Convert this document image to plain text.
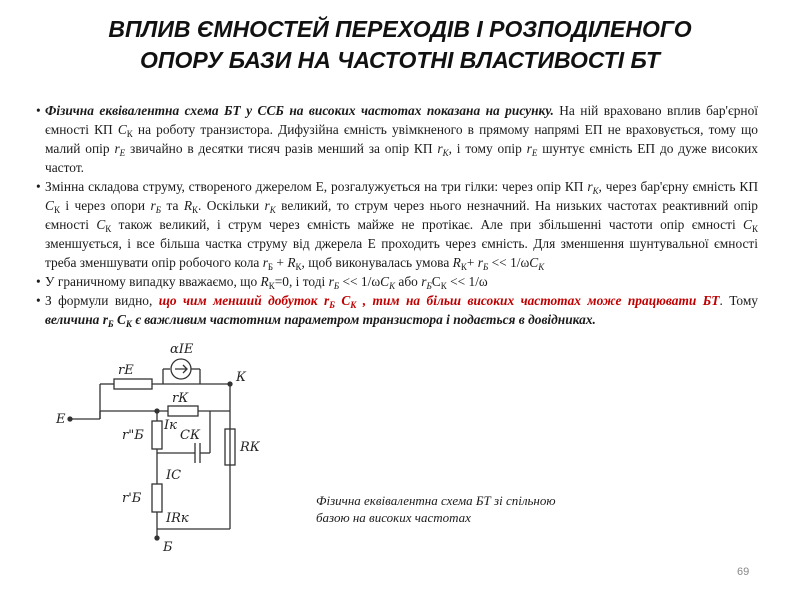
ВПЛИВ ЄМНОСТЕЙ ПЕРЕХОДІВ І РОЗПОДІЛЕНОГО
ОПОРУ БАЗИ НА ЧАСТОТНІ ВЛАСТИВОСТІ БТ

• Фізична еквівалентна схема БТ у ССБ на високих частотах показана на рисунку. На ній враховано вплив бар'єрної ємності КП $C_К$ на роботу транзистора. Дифузійна ємність увімкненого в прямому напрямі ЕП не враховується, тому що малий опір $r_Е$ звичайно в десятки тисяч разів менший за опір КП $r_К$, і тому опір $r_Е$ шунтує ємність ЕП до дуже високих частот.

• Змінна складова струму, створеного джерелом Е, розгалужується на три гілки: через опір КП $r_К$, через бар'єрну ємність КП $C_К$ і через опори $r_Б$ та $R_К$. Оскільки $r_К$ великий, то струм через нього незначний. На низьких частотах реактивний опір ємності $C_К$ також великий, і струм через ємність майже не протікає. Але при збільшенні частоти опір ємності $C_К$ зменшується, і все більша частка струму від джерела Е проходить через ємність. Для зменшення шунтувальної ємності треба зменшувати опір робочого кола $r_Б + R_К$, щоб виконувалась умова $R_К+ r_Б << 1/\omega C_К$

• У граничному випадку вважаємо, що $R_К=0$, і тоді $r_Б << 1/\omega C_К$ або $r_БC_К << 1/\omega$

• З формули видно, що чим менший добуток $r_Б$ $C_К$ , тим на більш високих частотах може працювати БТ. Тому величина $r_Б$ $C_К$ є важливим частотним параметром транзистора і подається в довідниках.

E
К
Б
αIЕ
rЕ
rК
r"Б
r'Б
CК
RК
Iк
IС
IRк
Фізична еквівалентна схема БТ зі спільною
базою на високих частотах
69
